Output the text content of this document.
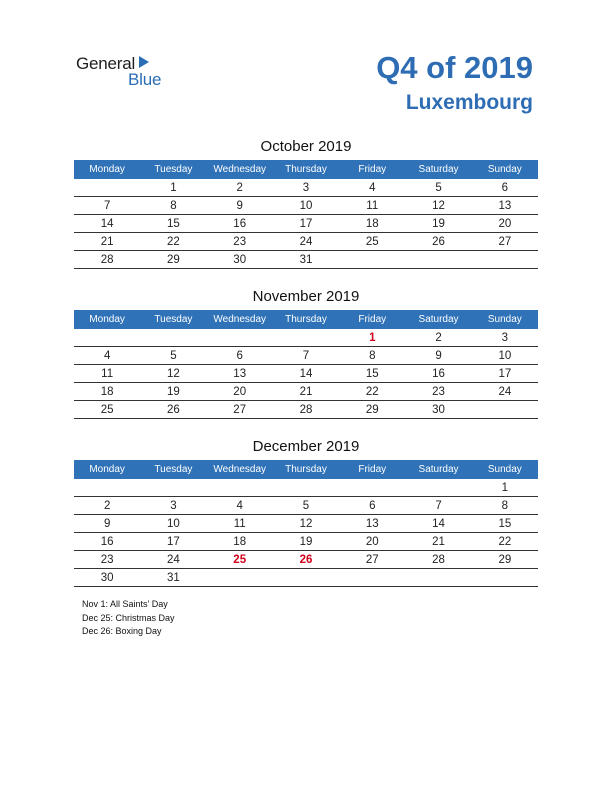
General
Blue	Q4 of 2019
Luxembourg
October 2019
Monday	Tuesday	Wednesday	Thursday	Friday	Saturday	Sunday
	1	2	3	4	5	6
7	8	9	10	11	12	13
14	15	16	17	18	19	20
21	22	23	24	25	26	27
28	29	30	31			
November 2019
Monday	Tuesday	Wednesday	Thursday	Friday	Saturday	Sunday
				1	2	3
4	5	6	7	8	9	10
11	12	13	14	15	16	17
18	19	20	21	22	23	24
25	26	27	28	29	30	
December 2019
Monday	Tuesday	Wednesday	Thursday	Friday	Saturday	Sunday
						1
2	3	4	5	6	7	8
9	10	11	12	13	14	15
16	17	18	19	20	21	22
23	24	25	26	27	28	29
30	31					
Nov 1: All Saints’ Day
Dec 25: Christmas Day
Dec 26: Boxing Day
